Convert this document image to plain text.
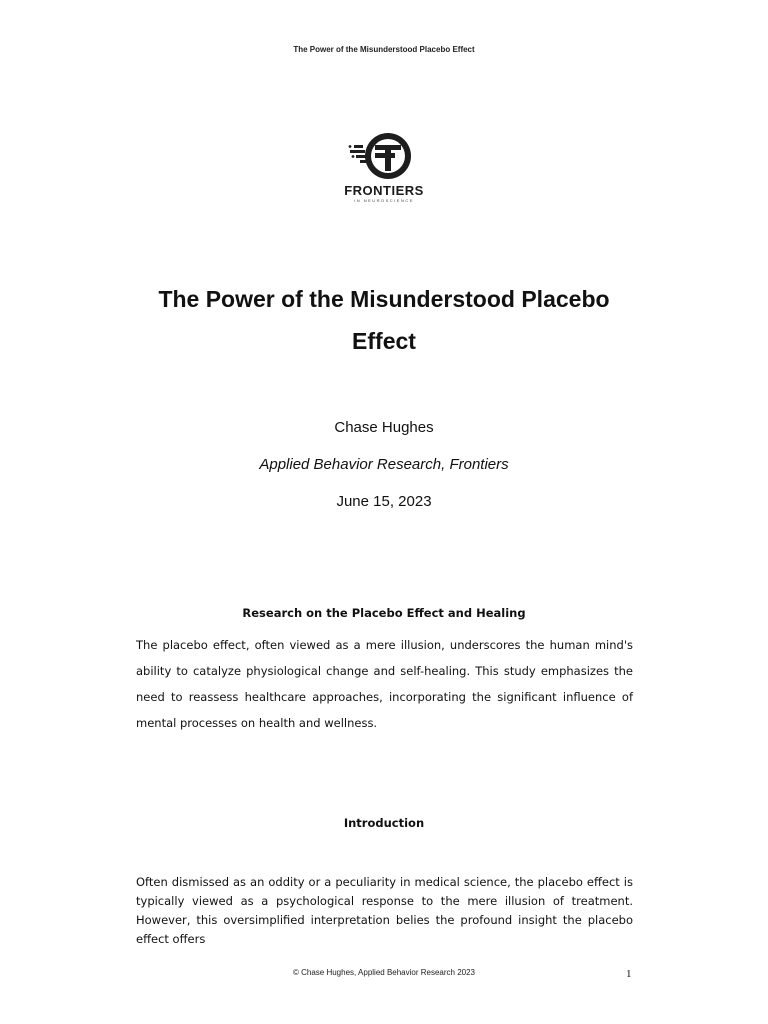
The Power of the Misunderstood Placebo Effect
FRONTIERS
IN NEUROSCIENCE
The Power of the Misunderstood Placebo
Effect
Chase Hughes
Applied Behavior Research, Frontiers
June 15, 2023
Research on the Placebo Effect and Healing

The placebo effect, often viewed as a mere illusion, underscores the human mind's ability to catalyze physiological change and self-healing. This study emphasizes the need to reassess healthcare approaches, incorporating the significant influence of mental processes on health and wellness.

Introduction

Often dismissed as an oddity or a peculiarity in medical science, the placebo effect is typically viewed as a psychological response to the mere illusion of treatment. However, this oversimplified interpretation belies the profound insight the placebo effect offers

© Chase Hughes, Applied Behavior Research 2023	1
